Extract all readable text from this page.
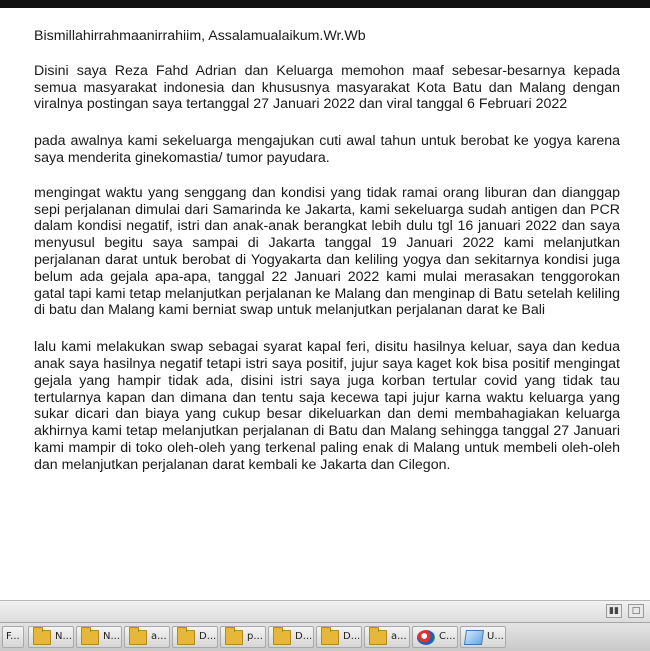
Bismillahirrahmaanirrahiim, Assalamualaikum.Wr.Wb

Disini saya Reza Fahd Adrian dan Keluarga memohon maaf sebesar-besarnya kepada semua masyarakat indonesia dan khususnya masyarakat Kota Batu dan Malang dengan viralnya postingan saya tertanggal 27 Januari 2022 dan viral tanggal 6 Februari 2022

pada awalnya kami sekeluarga mengajukan cuti awal tahun untuk berobat ke yogya karena saya menderita ginekomastia/ tumor payudara.

mengingat waktu yang senggang dan kondisi yang tidak ramai orang liburan dan dianggap sepi perjalanan dimulai dari Samarinda ke Jakarta, kami sekeluarga sudah antigen dan PCR dalam kondisi negatif, istri dan anak-anak berangkat lebih dulu tgl 16 januari 2022 dan saya menyusul begitu saya sampai di Jakarta tanggal 19 Januari 2022 kami melanjutkan perjalanan darat untuk berobat di Yogyakarta dan keliling yogya dan sekitarnya kondisi juga belum ada gejala apa-apa, tanggal 22 Januari 2022 kami mulai merasakan tenggorokan gatal tapi kami tetap melanjutkan perjalanan ke Malang dan menginap di Batu setelah keliling di batu dan Malang kami berniat swap untuk melanjutkan perjalanan darat ke Bali

lalu kami melakukan swap sebagai syarat kapal feri, disitu hasilnya keluar, saya dan kedua anak saya hasilnya negatif tetapi istri saya positif, jujur saya kaget kok bisa positif mengingat gejala yang hampir tidak ada, disini istri saya juga korban tertular covid yang tidak tau tertularnya kapan dan dimana dan tentu saja kecewa tapi jujur karna waktu keluarga yang sukar dicari dan biaya yang cukup besar dikeluarkan dan demi membahagiakan keluarga akhirnya kami tetap melanjutkan perjalanan di Batu dan Malang sehingga tanggal 27 Januari kami mampir di toko oleh-oleh yang terkenal paling enak di Malang untuk membeli oleh-oleh dan melanjutkan perjalanan darat kembali ke Jakarta dan Cilegon.

▮▮	□
F...	N...	N...	a...	D...	p...	D...	D...	a...	C...	U...
